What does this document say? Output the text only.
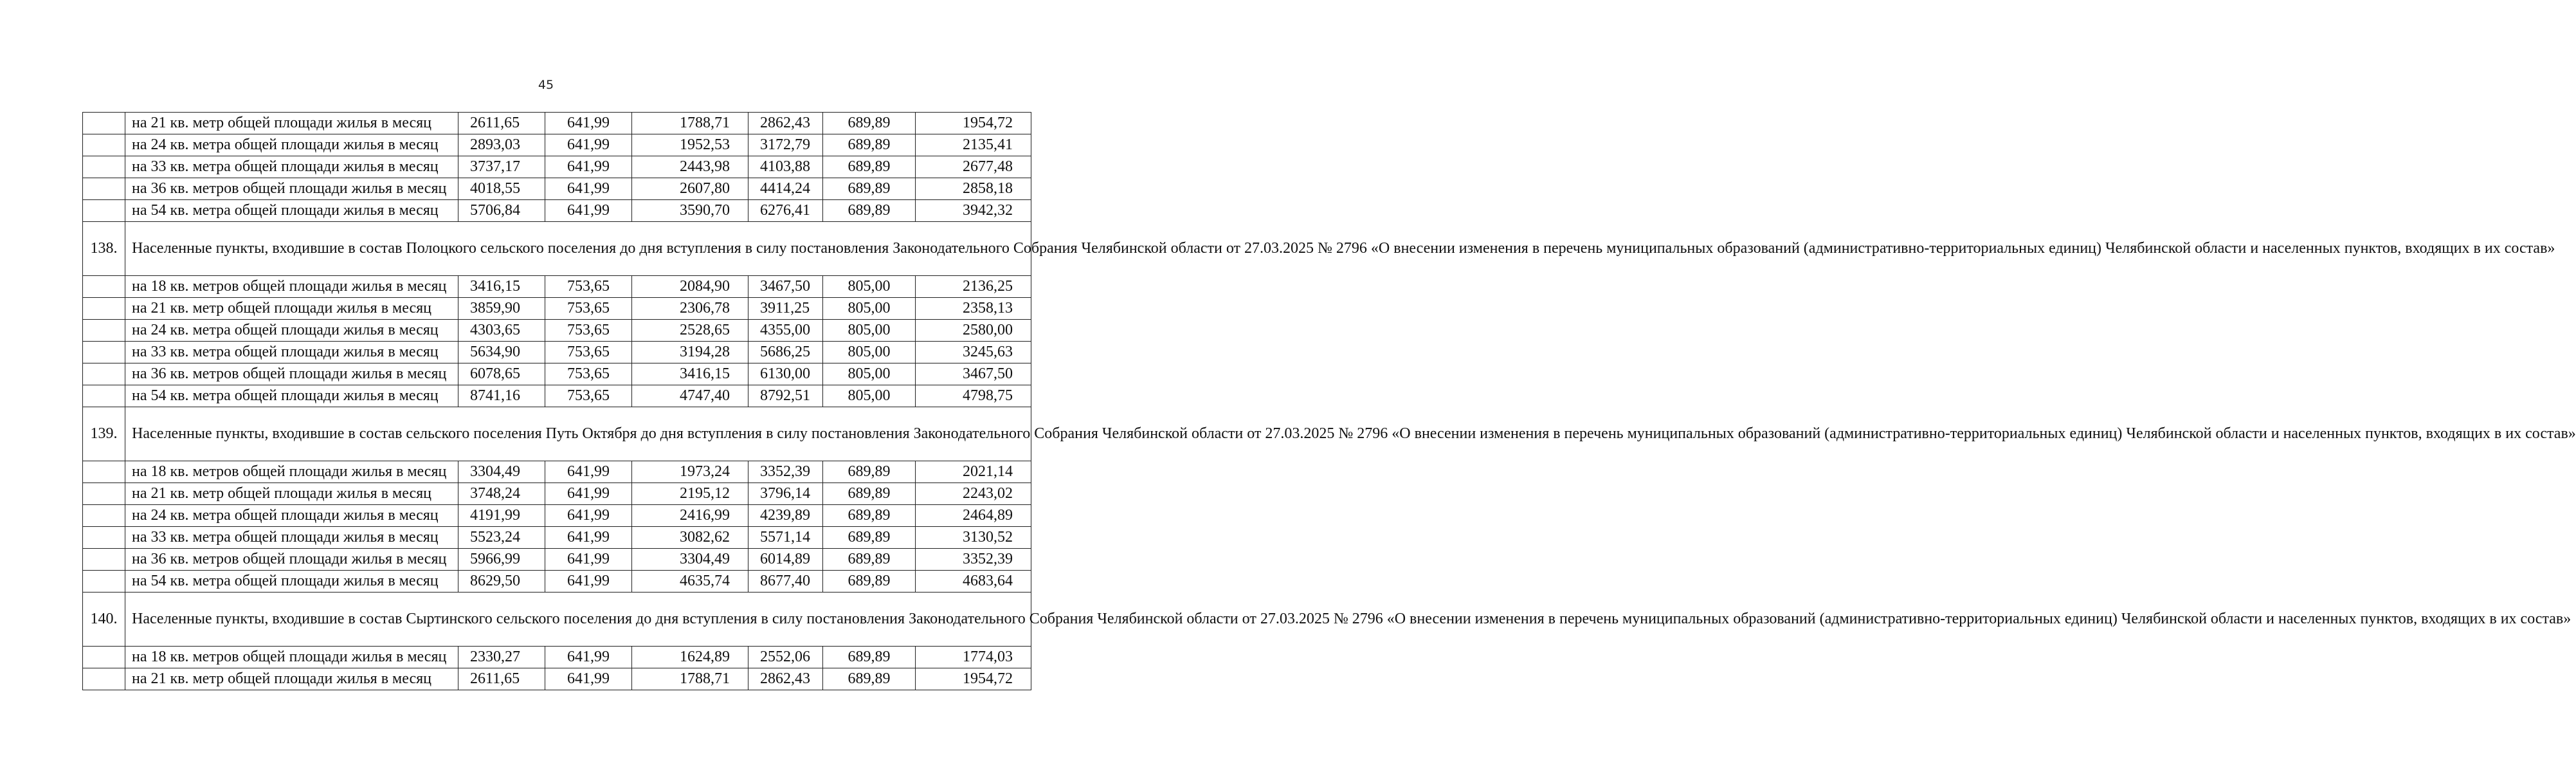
45
	на 21 кв. метр общей площади жилья в месяц	2611,65	641,99	1788,71	2862,43	689,89	1954,72
	на 24 кв. метра общей площади жилья в месяц	2893,03	641,99	1952,53	3172,79	689,89	2135,41
	на 33 кв. метра общей площади жилья в месяц	3737,17	641,99	2443,98	4103,88	689,89	2677,48
	на 36 кв. метров общей площади жилья в месяц	4018,55	641,99	2607,80	4414,24	689,89	2858,18
	на 54 кв. метра общей площади жилья в месяц	5706,84	641,99	3590,70	6276,41	689,89	3942,32
138.	Населенные пункты, входившие в состав Полоцкого сельского поселения до дня вступления в силу постановления Законодательного Собрания Челябинской области от 27.03.2025 № 2796 «О внесении изменения в перечень муниципальных образований (административно-территориальных единиц) Челябинской области и населенных пунктов, входящих в их состав»						
	на 18 кв. метров общей площади жилья в месяц	3416,15	753,65	2084,90	3467,50	805,00	2136,25
	на 21 кв. метр общей площади жилья в месяц	3859,90	753,65	2306,78	3911,25	805,00	2358,13
	на 24 кв. метра общей площади жилья в месяц	4303,65	753,65	2528,65	4355,00	805,00	2580,00
	на 33 кв. метра общей площади жилья в месяц	5634,90	753,65	3194,28	5686,25	805,00	3245,63
	на 36 кв. метров общей площади жилья в месяц	6078,65	753,65	3416,15	6130,00	805,00	3467,50
	на 54 кв. метра общей площади жилья в месяц	8741,16	753,65	4747,40	8792,51	805,00	4798,75
139.	Населенные пункты, входившие в состав сельского поселения Путь Октября до дня вступления в силу постановления Законодательного Собрания Челябинской области от 27.03.2025 № 2796 «О внесении изменения в перечень муниципальных образований (административно-территориальных единиц) Челябинской области и населенных пунктов, входящих в их состав»						
	на 18 кв. метров общей площади жилья в месяц	3304,49	641,99	1973,24	3352,39	689,89	2021,14
	на 21 кв. метр общей площади жилья в месяц	3748,24	641,99	2195,12	3796,14	689,89	2243,02
	на 24 кв. метра общей площади жилья в месяц	4191,99	641,99	2416,99	4239,89	689,89	2464,89
	на 33 кв. метра общей площади жилья в месяц	5523,24	641,99	3082,62	5571,14	689,89	3130,52
	на 36 кв. метров общей площади жилья в месяц	5966,99	641,99	3304,49	6014,89	689,89	3352,39
	на 54 кв. метра общей площади жилья в месяц	8629,50	641,99	4635,74	8677,40	689,89	4683,64
140.	Населенные пункты, входившие в состав Сыртинского сельского поселения до дня вступления в силу постановления Законодательного Собрания Челябинской области от 27.03.2025 № 2796 «О внесении изменения в перечень муниципальных образований (административно-территориальных единиц) Челябинской области и населенных пунктов, входящих в их состав»						
	на 18 кв. метров общей площади жилья в месяц	2330,27	641,99	1624,89	2552,06	689,89	1774,03
	на 21 кв. метр общей площади жилья в месяц	2611,65	641,99	1788,71	2862,43	689,89	1954,72
